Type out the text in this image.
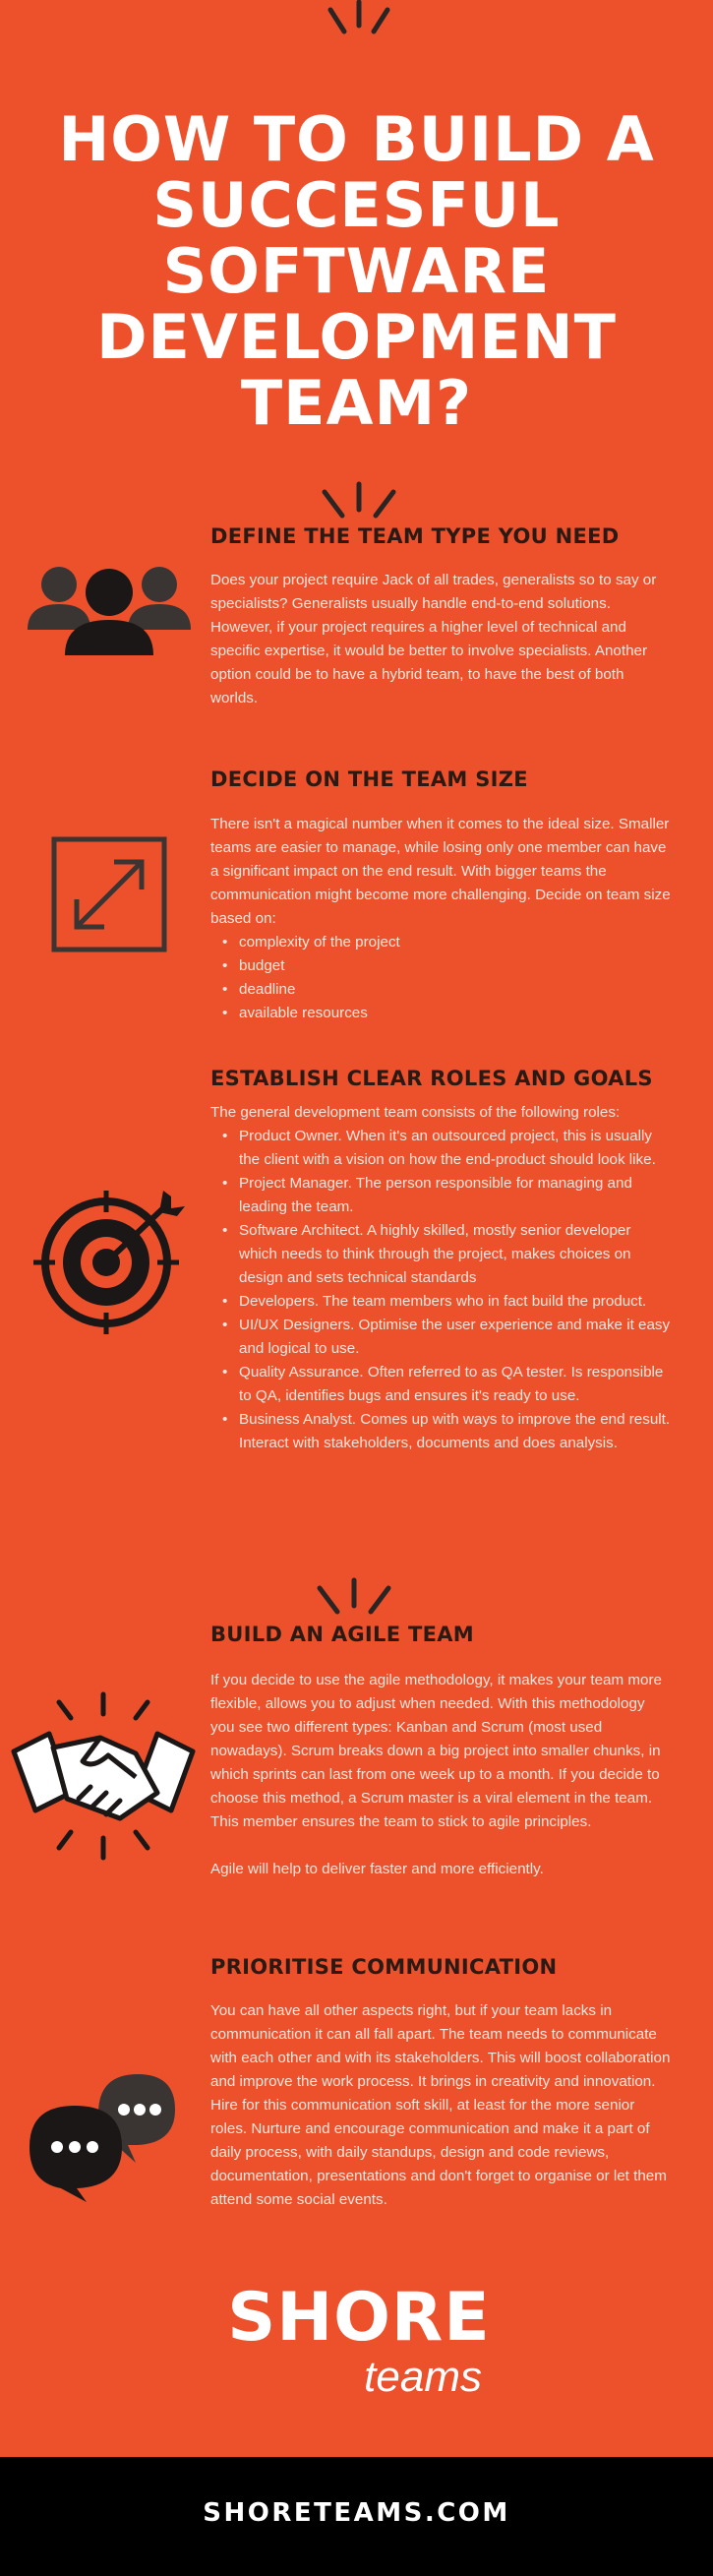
HOW TO BUILD A SUCCESFUL SOFTWARE DEVELOPMENT TEAM?
DEFINE THE TEAM TYPE YOU NEED

Does your project require Jack of all trades, generalists so to say or specialists? Generalists usually handle end-to-end solutions. However, if your project requires a higher level of technical and specific expertise, it would be better to involve specialists. Another option could be to have a hybrid team, to have the best of both worlds.

DECIDE ON THE TEAM SIZE

There isn't a magical number when it comes to the ideal size. Smaller teams are easier to manage, while losing only one member can have a significant impact on the end result. With bigger teams the communication might become more challenging. Decide on team size based on:

• complexity of the project
• budget
• deadline
• available resources
ESTABLISH CLEAR ROLES AND GOALS

The general development team consists of the following roles:

• Product Owner. When it's an outsourced project, this is usually the client with a vision on how the end-product should look like.
• Project Manager. The person responsible for managing and leading the team.
• Software Architect. A highly skilled, mostly senior developer which needs to think through the project, makes choices on design and sets technical standards
• Developers. The team members who in fact build the product.
• UI/UX Designers. Optimise the user experience and make it easy and logical to use.
• Quality Assurance. Often referred to as QA tester. Is responsible to QA, identifies bugs and ensures it's ready to use.
• Business Analyst. Comes up with ways to improve the end result. Interact with stakeholders, documents and does analysis.
BUILD AN AGILE TEAM

If you decide to use the agile methodology, it makes your team more flexible, allows you to adjust when needed. With this methodology you see two different types: Kanban and Scrum (most used nowadays). Scrum breaks down a big project into smaller chunks, in which sprints can last from one week up to a month. If you decide to choose this method, a Scrum master is a viral element in the team. This member ensures the team to stick to agile principles.

Agile will help to deliver faster and more efficiently.

PRIORITISE COMMUNICATION

You can have all other aspects right, but if your team lacks in communication it can all fall apart. The team needs to communicate with each other and with its stakeholders. This will boost collaboration and improve the work process. It brings in creativity and innovation. Hire for this communication soft skill, at least for the more senior roles. Nurture and encourage communication and make it a part of daily process, with daily standups, design and code reviews, documentation, presentations and don't forget to organise or let them attend some social events.

SHORE
teams
SHORETEAMS.COM
